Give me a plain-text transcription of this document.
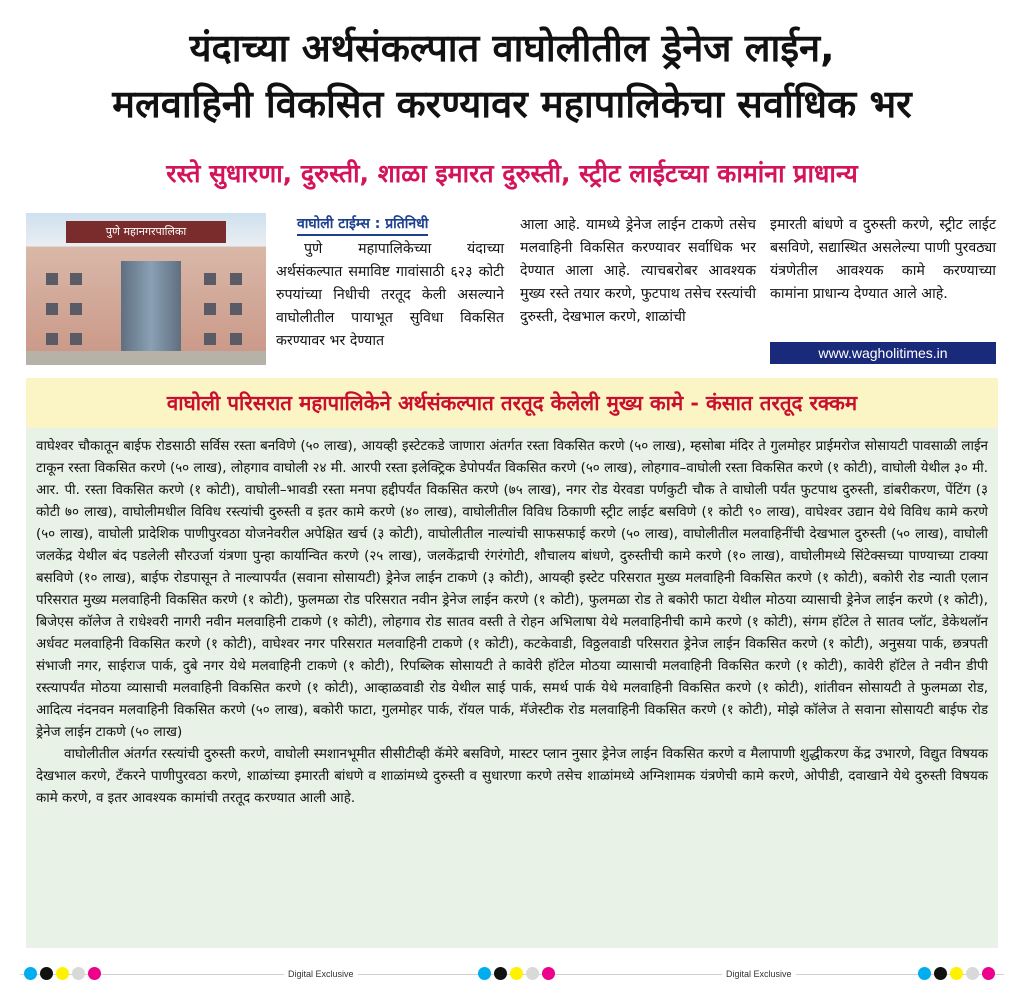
यंदाच्या अर्थसंकल्पात वाघोलीतील ड्रेनेज लाईन,
मलवाहिनी विकसित करण्यावर महापालिकेचा सर्वाधिक भर
रस्ते सुधारणा, दुरुस्ती, शाळा इमारत दुरुस्ती, स्ट्रीट लाईटच्या कामांना प्राधान्य
पुणे महानगरपालिका	वाघोली टाईम्स : प्रतिनिधी

पुणे महापालिकेच्या यंदाच्या अर्थसंकल्पात समाविष्ट गावांसाठी ६२३ कोटी रुपयांच्या निधीची तरतूद केली असल्याने वाघोलीतील पायाभूत सुविधा विकसित करण्यावर भर देण्यात

आला आहे. यामध्ये ड्रेनेज लाईन टाकणे तसेच मलवाहिनी विकसित करण्यावर सर्वाधिक भर देण्यात आला आहे. त्याचबरोबर आवश्यक मुख्य रस्ते तयार करणे, फुटपाथ तसेच रस्त्यांची दुरुस्ती, देखभाल करणे, शाळांची

इमारती बांधणे व दुरुस्ती करणे, स्ट्रीट लाईट बसविणे, सद्यास्थित असलेल्या पाणी पुरवठ्या यंत्रणेतील आवश्यक कामे करण्याच्या कामांना प्राधान्य देण्यात आले आहे.

www.wagholitimes.in
वाघोली परिसरात महापालिकेने अर्थसंकल्पात तरतूद केलेली मुख्य कामे - कंसात तरतूद रक्कम

वाघेश्वर चौकातून बाईफ रोडसाठी सर्विस रस्ता बनविणे (५० लाख), आयव्ही इस्टेटकडे जाणारा अंतर्गत रस्ता विकसित करणे (५० लाख), म्हसोबा मंदिर ते गुलमोहर प्राईमरोज सोसायटी पावसाळी लाईन टाकून रस्ता विकसित करणे (५० लाख), लोहगाव वाघोली २४ मी. आरपी रस्ता इलेक्ट्रिक डेपोपर्यंत विकसित करणे (५० लाख), लोहगाव–वाघोली रस्ता विकसित करणे (१ कोटी), वाघोली येथील ३० मी. आर. पी. रस्ता विकसित करणे (१ कोटी), वाघोली–भावडी रस्ता मनपा हद्दीपर्यंत विकसित करणे (७५ लाख), नगर रोड येरवडा पर्णकुटी चौक ते वाघोली पर्यंत फुटपाथ दुरुस्ती, डांबरीकरण, पेंटिंग (३ कोटी ७० लाख), वाघोलीमधील विविध रस्त्यांची दुरुस्ती व इतर कामे करणे (४० लाख), वाघोलीतील विविध ठिकाणी स्ट्रीट लाईट बसविणे (१ कोटी ९० लाख), वाघेश्वर उद्यान येथे विविध कामे करणे (५० लाख), वाघोली प्रादेशिक पाणीपुरवठा योजनेवरील अपेक्षित खर्च (३ कोटी), वाघोलीतील नाल्यांची साफसफाई करणे (५० लाख), वाघोलीतील मलवाहिनींची देखभाल दुरुस्ती (५० लाख), वाघोली जलकेंद्र येथील बंद पडलेली सौरउर्जा यंत्रणा पुन्हा कार्यान्वित करणे (२५ लाख), जलकेंद्राची रंगरंगोटी, शौचालय बांधणे, दुरुस्तीची कामे करणे (१० लाख), वाघोलीमध्ये सिंटेक्सच्या पाण्याच्या टाक्या बसविणे (१० लाख), बाईफ रोडपासून ते नाल्यापर्यंत (सवाना सोसायटी) ड्रेनेज लाईन टाकणे (३ कोटी), आयव्ही इस्टेट परिसरात मुख्य मलवाहिनी विकसित करणे (१ कोटी), बकोरी रोड न्याती एलान परिसरात मुख्य मलवाहिनी विकसित करणे (१ कोटी), फुलमळा रोड परिसरात नवीन ड्रेनेज लाईन करणे (१ कोटी), फुलमळा रोड ते बकोरी फाटा येथील मोठया व्यासाची ड्रेनेज लाईन करणे (१ कोटी), बिजेएस कॉलेज ते राधेश्वरी नागरी नवीन मलवाहिनी टाकणे (१ कोटी), लोहगाव रोड सातव वस्ती ते रोहन अभिलाषा येथे मलवाहिनीची कामे करणे (१ कोटी), संगम हॉटेल ते सातव प्लॉट, डेकेथलॉन अर्धवट मलवाहिनी विकसित करणे (१ कोटी), वाघेश्वर नगर परिसरात मलवाहिनी टाकणे (१ कोटी), कटकेवाडी, विठ्ठलवाडी परिसरात ड्रेनेज लाईन विकसित करणे (१ कोटी), अनुसया पार्क, छत्रपती संभाजी नगर, साईराज पार्क, दुबे नगर येथे मलवाहिनी टाकणे (१ कोटी), रिपब्लिक सोसायटी ते कावेरी हॉटेल मोठया व्यासाची मलवाहिनी विकसित करणे (१ कोटी), कावेरी हॉटेल ते नवीन डीपी रस्त्यापर्यंत मोठया व्यासाची मलवाहिनी विकसित करणे (१ कोटी), आव्हाळवाडी रोड येथील साई पार्क, समर्थ पार्क येथे मलवाहिनी विकसित करणे (१ कोटी), शांतीवन सोसायटी ते फुलमळा रोड, आदित्य नंदनवन मलवाहिनी विकसित करणे (५० लाख), बकोरी फाटा, गुलमोहर पार्क, रॉयल पार्क, मॅजेस्टीक रोड मलवाहिनी विकसित करणे (१ कोटी), मोझे कॉलेज ते सवाना सोसायटी बाईफ रोड ड्रेनेज लाईन टाकणे (५० लाख)

वाघोलीतील अंतर्गत रस्त्यांची दुरुस्ती करणे, वाघोली स्मशानभूमीत सीसीटीव्ही कॅमेरे बसविणे, मास्टर प्लान नुसार ड्रेनेज लाईन विकसित करणे व मैलापाणी शुद्धीकरण केंद्र उभारणे, विद्युत विषयक देखभाल करणे, टँकरने पाणीपुरवठा करणे, शाळांच्या इमारती बांधणे व शाळांमध्ये दुरुस्ती व सुधारणा करणे तसेच शाळांमध्ये अग्निशामक यंत्रणेची कामे करणे, ओपीडी, दवाखाने येथे दुरुस्ती विषयक कामे करणे, व इतर आवश्यक कामांची तरतूद करण्यात आली आहे.

Digital Exclusive	Digital Exclusive
